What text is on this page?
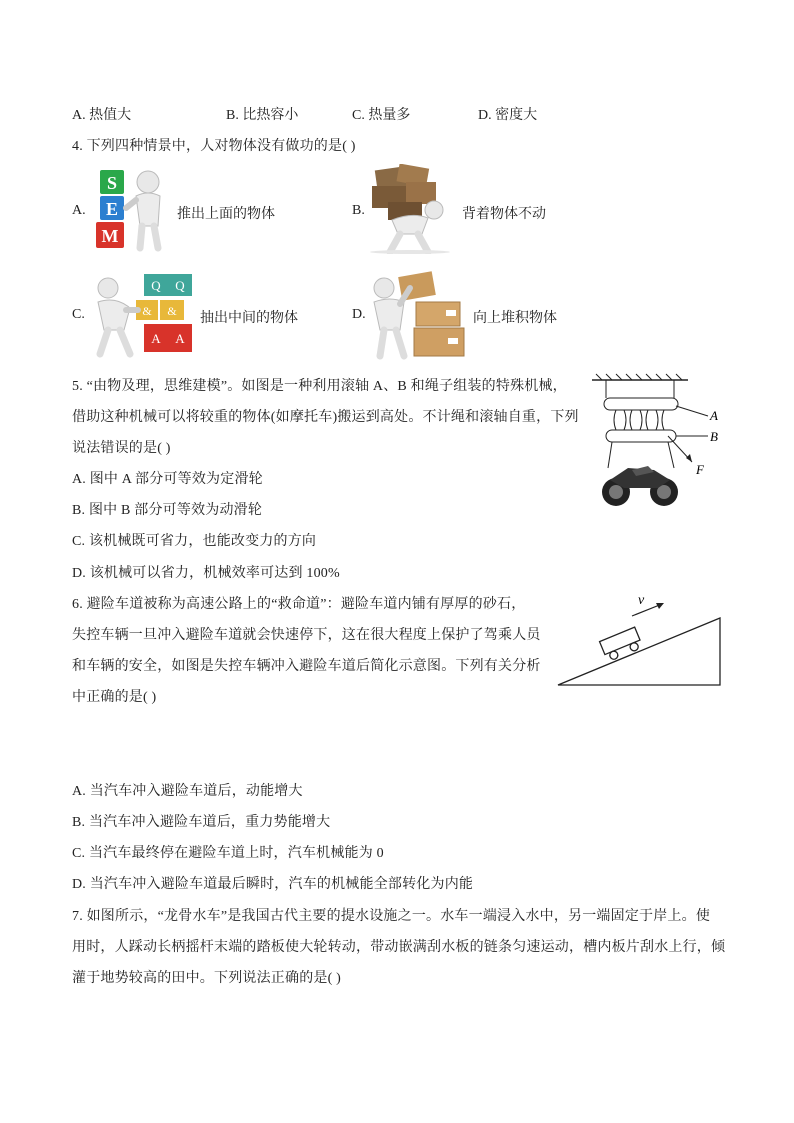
A. 热值大	B. 比热容小	C. 热量多	D. 密度大
4. 下列四种情景中，人对物体没有做功的是( )
A.
S
E
M
推出上面的物体	B.	背着物体不动
C.
Q Q
& &
A A
抽出中间的物体	D.	向上堆积物体
5. “由物及理，思维建模”。如图是一种利用滚轴 A、B 和绳子组装的特殊机械，
借助这种机械可以将较重的物体(如摩托车)搬运到高处。不计绳和滚轴自重，下列
说法错误的是( )
A. 图中 A 部分可等效为定滑轮
B. 图中 B 部分可等效为动滑轮
C. 该机械既可省力，也能改变力的方向
D. 该机械可以省力，机械效率可达到 100%
A
B
F
6. 避险车道被称为高速公路上的“救命道”：避险车道内铺有厚厚的砂石，
失控车辆一旦冲入避险车道就会快速停下，这在很大程度上保护了驾乘人员
和车辆的安全，如图是失控车辆冲入避险车道后简化示意图。下列有关分析
中正确的是( )
v
A. 当汽车冲入避险车道后，动能增大
B. 当汽车冲入避险车道后，重力势能增大
C. 当汽车最终停在避险车道上时，汽车机械能为 0
D. 当汽车冲入避险车道最后瞬时，汽车的机械能全部转化为内能
7. 如图所示，“龙骨水车”是我国古代主要的提水设施之一。水车一端浸入水中，另一端固定于岸上。使
用时，人踩动长柄摇杆末端的踏板使大轮转动，带动嵌满刮水板的链条匀速运动，槽内板片刮水上行，倾
灌于地势较高的田中。下列说法正确的是( )
